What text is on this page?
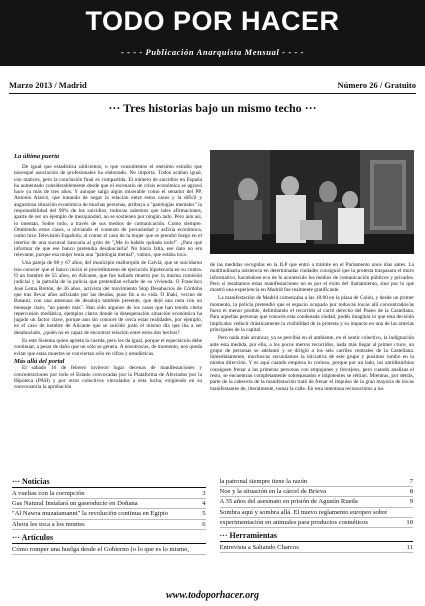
TODO POR HACER
- - - - Publicación Anarquista Mensual - - - -
Marzo 2013 / Madrid	Número 26 / Gratuito
··· Tres historias bajo un mismo techo ···
La última puerta

De igual que estadística utilicemos, o que consultemos el enésimo estudio que nosesqué asociación de profesionales ha elaborado. No importa. Todos acaban igual, con matices, pero la conclusión final es compartida. El número de suicidios en España ha aumentado considerablemente desde que el escenario de crisis económica se agravó hace ya más de tres años. Y aunque salga algún miserable como el senador del PP, Antonio Alarcó, que tratando de negar la relación entre estos casos y la difícil y angustiosa situación económica de muchas personas, atribuya a "patologías mentales" la responsabilidad del 90% de los suicidios, todos/as sabemos que tales afirmaciones, aparte de ser un ejemplo de mezquindad, no se sostienen por ningún lado. Pero aun así, lo intentan. Sobre todo, a través de sus medios de comunicación. Como siempre. Omitiendo estos casos, u obviando el contexto de precariedad y asfixia económica, como hizo Televisión Española, al contar el caso de la mujer que se prendió fuego en el interior de una sucursal bancaria al grito de "¡Me lo habéis quitado todo!". ¿Para qué informar de que ese banco pretendía desahuciarla? No hacía falta, ese dato no era relevante, porque esa mujer tenía una "patología mental", vamos, que estaba loca.

Una pareja de 68 y 67 años, del municipio mallorquín de Calvià, que se suicidaron tras conocer que el banco inició el procedimiento de ejecución hipotecaria en su contra. O un hombre de 55 años, en Alicante, que fue hallado muerto por la misma comisión judicial y la patrulla de la policía que pretendían echarle de su vivienda. O Francisco José Lema Bretón, de 36 años, activista del movimiento Stop Desahucios de Córdoba que tras llevar años asfixiado por las deudas, puso fin a su vida. O Iñaki, vecino de Basauri, con una amenaza de desalojo también presente, que dejó una nota con un mensaje claro, "no puedo más". Han sido algunos de los casos que han tenido cierta repercusión mediática, ejemplos claros donde la desesperación situación económica ha jugado un factor clave, porque aun sin conocer de cerca estas realidades, por ejemplo, en el caso de hombre de Alicante que se suicidó justo el mismo día que iba a ser desahuciado, ¿quién no es capaz de encontrar relación entre estos dos hechos?

Es este Sistema quien aprieta la cuerda, pero les da igual, porque el espectáculo debe continuar, a pesar de daño que un sólo se genera. A nosotros/as, de momento, nos queda evitar que estas muertes se conviertan sólo en cifras y estadísticas.

Más allá del portal

El sábado 16 de febrero tuvieron lugar decenas de manifestaciones y concentraciones por todo el Estado convocadas por la Plataforma de Afectados por la Hipoteca (PAH) y por otros colectivos vinculados a esta lucha, exigiendo en su convocatoria la aprobación

de las medidas recogidas en la ILP que entró a trámite en el Parlamento unos días antes. La multitudinaria asistencia en determinadas ciudades consiguió que la protesta traspasara el muro informativo, haciéndose eco de lo acontecido los medios de comunicación públicos y privados. Pero si resaltamos estas manifestaciones no es por el éxito del llamamiento, sino por lo que mostró una experiencia en Madrid fue realmente gratificante.

La manifestación de Madrid comenzaba a las 18:00 en la plaza de Colón, y desde un primer momento, la policía pretendió que el espacio ocupado por todos/as los/as allí concentrados/as fuera el menor posible, delimitando el recorrido al carril derecho del Paseo de la Castellana. Para aquellas personas que conocés esta condenada ciudad, podés imaginar lo que esta decisión implicaba: reducir drásticamente la visibilidad de la protesta y su impacto en una de las arterias principales de la capital.

Pero nada más arrancar, ya se percibía en el ambiente, en el sentir colectivo, la indignación ante esta medida, por ello, a los pocos metros recorridos, nada más llegar al primer cruce, un grupo de personas se adelantó y se dirigió a los seis carriles centrales de la Castellana. Inmediatamente, muchos/as secundamos la iniciativa de este grupo y pusimos rumbo en la misma dirección. Y es aquí cuando empieza lo curioso, porque por un lado, los antidisturbios consiguen frenar a las primeras personas con empujones y forcejeos, pero cuando analizas el resto, se encuentran completamente sobrepasados e impotentes se retiran. Mientras, por detrás, parte de la cabecera de la manifestación trató de frenar el impulso de la gran mayoría de los/as manifestantes de, literalmente, tomar la calle. En esta intentona reconocimos a los

··· Noticias
A vueltas con la corrupción	3
Gas Natural Instalará un gaseoducto en Doñana	4
"Al Nawra muzatamanni" la revolución continua en Egipto	5
Ahora les toca a los montes	6
··· Artículos
Cómo romper una huelga desde el Gobierno (o lo que es lo mismo,
la patronal siempre tiene la razón	7
Noe y la situación en la cárcel de Brieva	8
A 35 años del asesinato en prisión de Agustín Rueda	9
Sombra aquí y sombra allá. El nuevo reglamento europeo sobre
experimentación en animales para productos cosméticos	10
··· Herramientas
Entrevista a Saltando Charcos	11
www.todoporhacer.org
